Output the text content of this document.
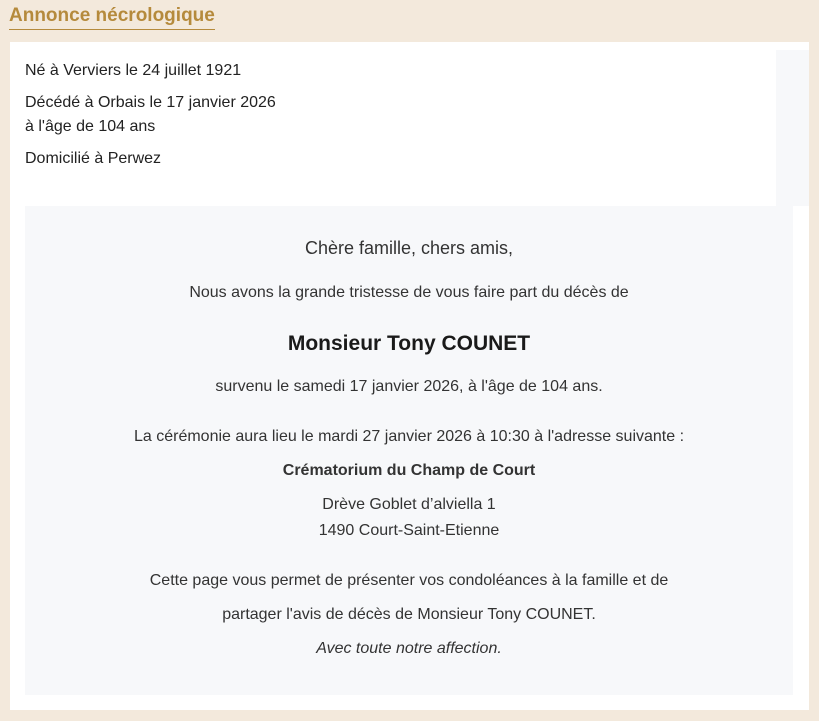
Annonce nécrologique
Né à Verviers le 24 juillet 1921
Décédé à Orbais le 17 janvier 2026
à l'âge de 104 ans
Domicilié à Perwez
Chère famille, chers amis,
Nous avons la grande tristesse de vous faire part du décès de
Monsieur Tony COUNET
survenu le samedi 17 janvier 2026, à l'âge de 104 ans.
La cérémonie aura lieu le mardi 27 janvier 2026 à 10:30 à l'adresse suivante :
Crématorium du Champ de Court
Drève Goblet d’alviella 1
1490 Court-Saint-Etienne
Cette page vous permet de présenter vos condoléances à la famille et de
partager l'avis de décès de Monsieur Tony COUNET.
Avec toute notre affection.
